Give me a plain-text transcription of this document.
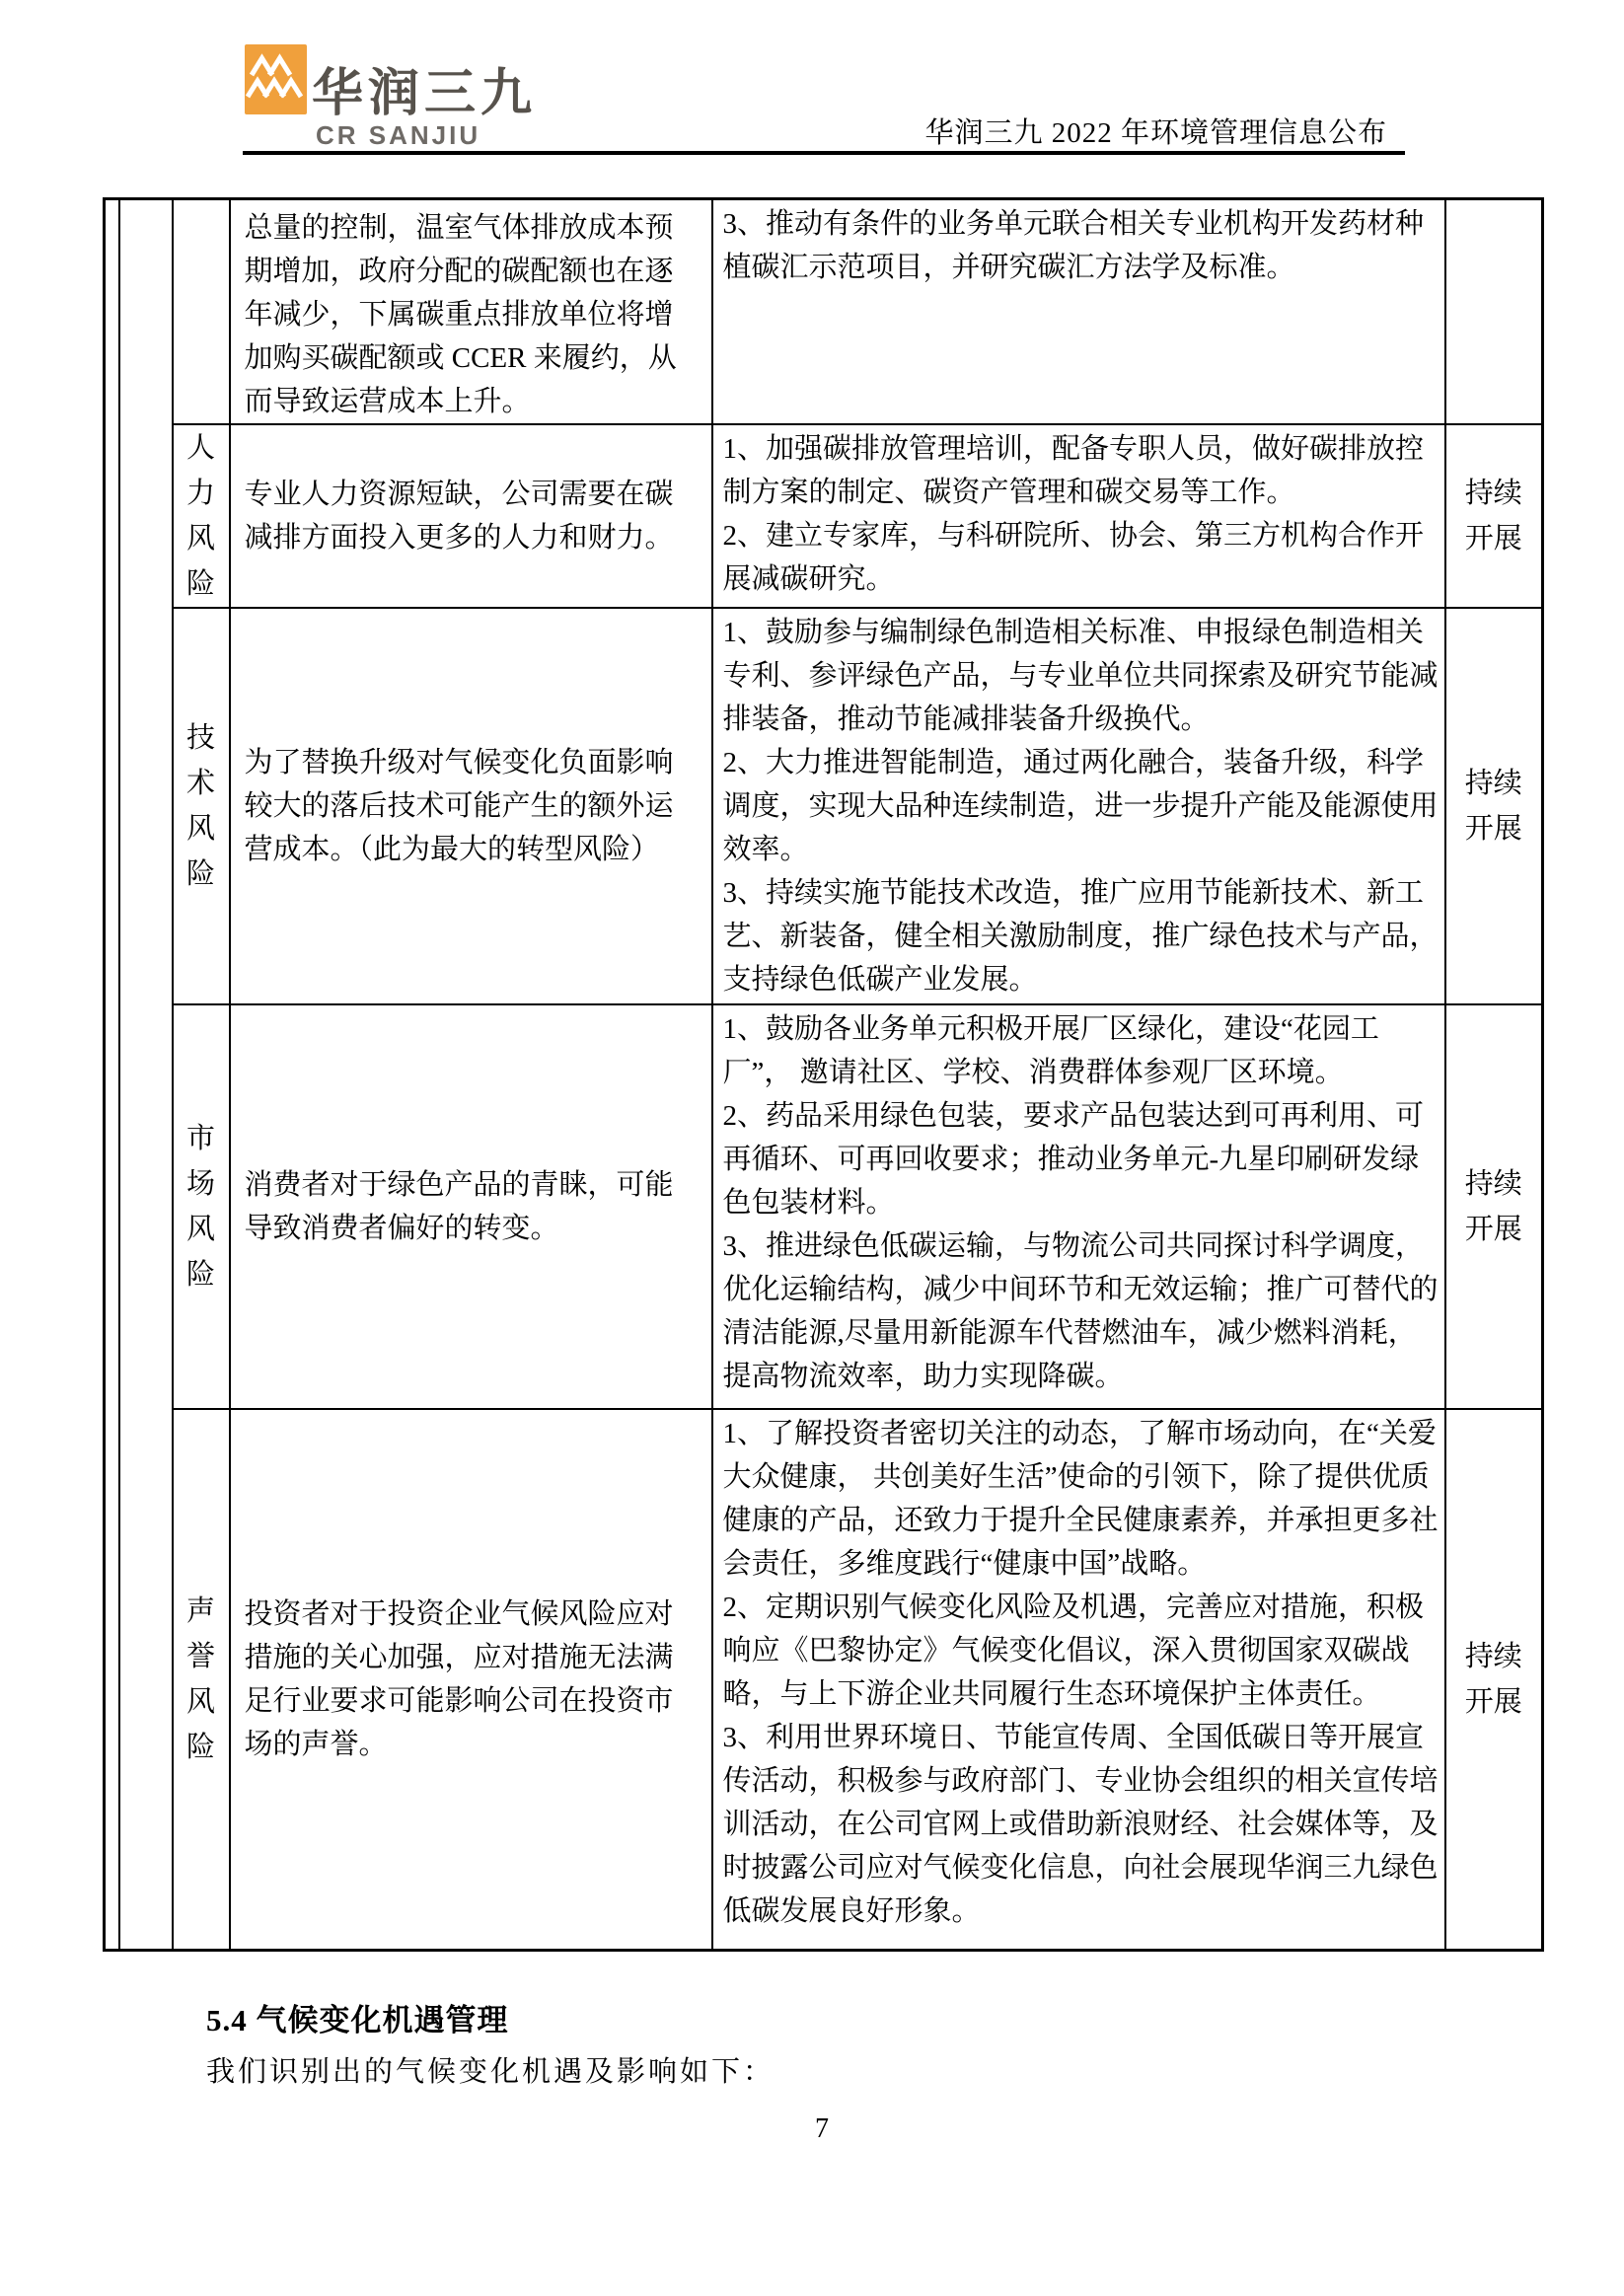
华润三九
CR SANJIU	华润三九 2022 年环境管理信息公布

			总量的控制，温室气体排放成本预期增加，政府分配的碳配额也在逐年减少，下属碳重点排放单位将增加购买碳配额或 CCER 来履约，从而导致运营成本上升。	3、推动有条件的业务单元联合相关专业机构开发药材种植碳汇示范项目，并研究碳汇方法学及标准。	

		人力风险	专业人力资源短缺，公司需要在碳减排方面投入更多的人力和财力。	1、加强碳排放管理培训，配备专职人员，做好碳排放控制方案的制定、碳资产管理和碳交易等工作。
2、建立专家库，与科研院所、协会、第三方机构合作开展减碳研究。	持续开展

		技术风险	为了替换升级对气候变化负面影响较大的落后技术可能产生的额外运营成本。（此为最大的转型风险）	1、鼓励参与编制绿色制造相关标准、申报绿色制造相关专利、参评绿色产品，与专业单位共同探索及研究节能减排装备，推动节能减排装备升级换代。
2、大力推进智能制造，通过两化融合，装备升级，科学调度，实现大品种连续制造，进一步提升产能及能源使用效率。
3、持续实施节能技术改造，推广应用节能新技术、新工艺、新装备，健全相关激励制度，推广绿色技术与产品，支持绿色低碳产业发展。	持续开展

		市场风险	消费者对于绿色产品的青睐，可能导致消费者偏好的转变。	1、鼓励各业务单元积极开展厂区绿化，建设“花园工厂”， 邀请社区、学校、消费群体参观厂区环境。
2、药品采用绿色包装，要求产品包装达到可再利用、可再循环、可再回收要求；推动业务单元-九星印刷研发绿色包装材料。
3、推进绿色低碳运输，与物流公司共同探讨科学调度，优化运输结构，减少中间环节和无效运输；推广可替代的清洁能源,尽量用新能源车代替燃油车，减少燃料消耗，提高物流效率，助力实现降碳。	持续开展

		声誉风险	投资者对于投资企业气候风险应对措施的关心加强，应对措施无法满足行业要求可能影响公司在投资市场的声誉。	1、了解投资者密切关注的动态，了解市场动向，在“关爱大众健康， 共创美好生活”使命的引领下，除了提供优质健康的产品，还致力于提升全民健康素养，并承担更多社会责任，多维度践行“健康中国”战略。
2、定期识别气候变化风险及机遇，完善应对措施，积极响应《巴黎协定》气候变化倡议，深入贯彻国家双碳战略，与上下游企业共同履行生态环境保护主体责任。
3、利用世界环境日、节能宣传周、全国低碳日等开展宣传活动，积极参与政府部门、专业协会组织的相关宣传培训活动，在公司官网上或借助新浪财经、社会媒体等，及时披露公司应对气候变化信息，向社会展现华润三九绿色低碳发展良好形象。	持续开展
5.4 气候变化机遇管理
我们识别出的气候变化机遇及影响如下：
7
